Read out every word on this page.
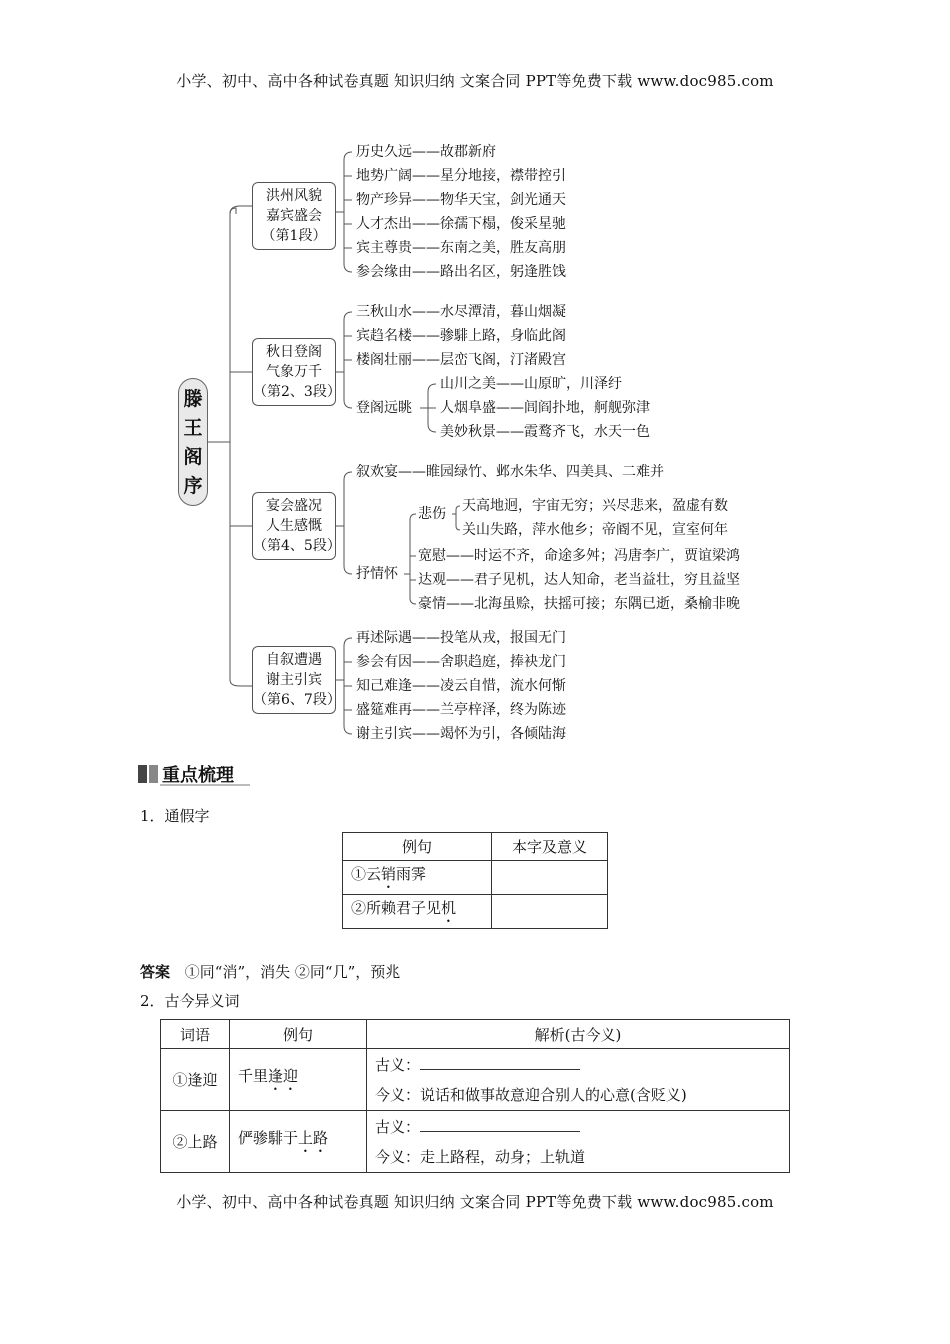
小学、初中、高中各种试卷真题 知识归纳 文案合同 PPT等免费下载 www.doc985.com
滕王阁序
洪州风貌
嘉宾盛会
（第1段）
历史久远——故郡新府
地势广阔——星分地接，襟带控引
物产珍异——物华天宝，剑光通天
人才杰出——徐孺下榻，俊采星驰
宾主尊贵——东南之美，胜友高朋
参会缘由——路出名区，躬逢胜饯
秋日登阁
气象万千
（第2、3段）
三秋山水——水尽潭清，暮山烟凝
宾趋名楼——骖騑上路，身临此阁
楼阁壮丽——层峦飞阁，汀渚殿宫
登阁远眺
山川之美——山原旷，川泽纡
人烟阜盛——闾阎扑地，舸舰弥津
美妙秋景——霞鹜齐飞，水天一色
宴会盛况
人生感慨
（第4、5段）
叙欢宴——睢园绿竹、邺水朱华、四美具、二难并
抒情怀
悲伤 天高地迥，宇宙无穷；兴尽悲来，盈虚有数
关山失路，萍水他乡；帝阍不见，宣室何年
宽慰——时运不齐，命途多舛；冯唐李广，贾谊梁鸿
达观——君子见机，达人知命，老当益壮，穷且益坚
豪情——北海虽赊，扶摇可接；东隅已逝，桑榆非晚
自叙遭遇
谢主引宾
（第6、7段）
再述际遇——投笔从戎，报国无门
参会有因——舍职趋庭，捧袂龙门
知己难逢——凌云自惜，流水何惭
盛筵难再——兰亭梓泽，终为陈迹
谢主引宾——竭怀为引，各倾陆海
重点梳理
1．通假字
例句	本字及意义
①云销雨霁	
②所赖君子见机	
答案 ①同“消”，消失 ②同“几”，预兆
2．古今异义词
词语	例句	解析(古今义)
①逢迎	千里逢迎	古义：
今义：说话和做事故意迎合别人的心意(含贬义)

②上路	俨骖騑于上路	古义：
今义：走上路程，动身；上轨道
小学、初中、高中各种试卷真题 知识归纳 文案合同 PPT等免费下载 www.doc985.com
